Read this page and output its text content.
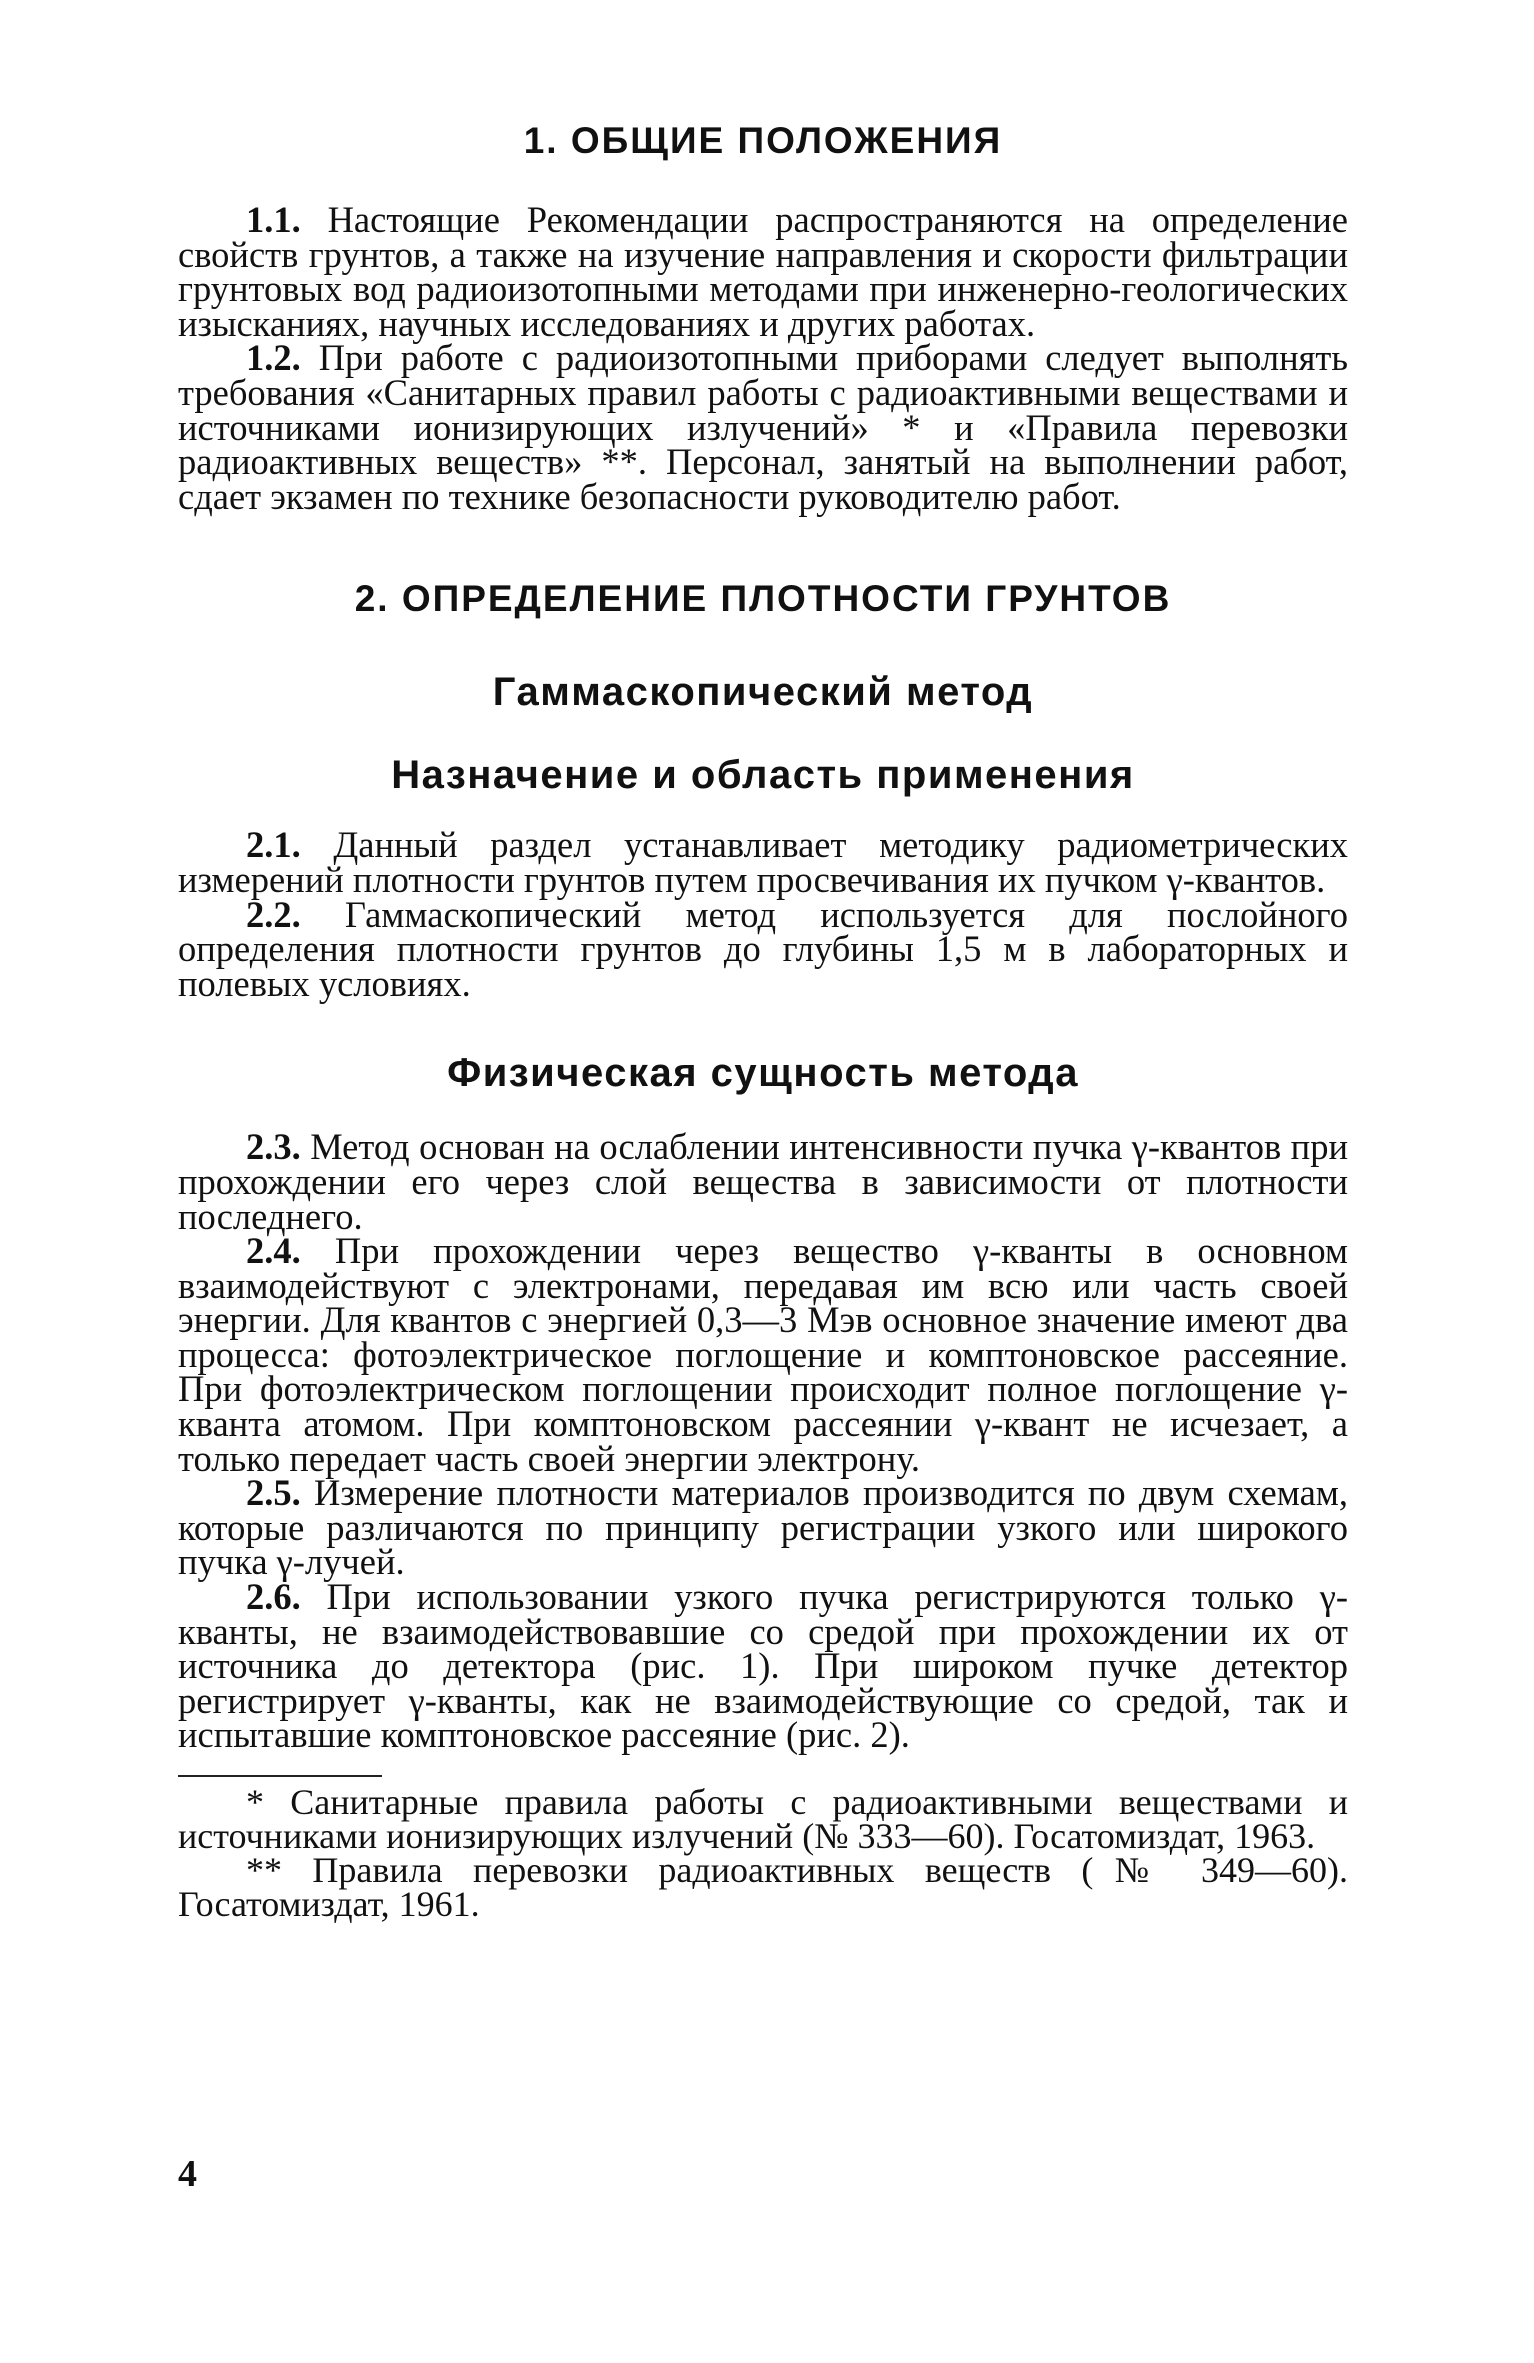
1. ОБЩИЕ ПОЛОЖЕНИЯ

1.1. Настоящие Рекомендации распространяются на определение свойств грунтов, а также на изучение направления и скорости фильтрации грунтовых вод радиоизотопными методами при инженерно-геологических изысканиях, научных исследованиях и других работах.

1.2. При работе с радиоизотопными приборами следует выполнять требования «Санитарных правил работы с радиоактивными веществами и источниками ионизирующих излучений» * и «Правила перевозки радиоактивных веществ» **. Персонал, занятый на выполнении работ, сдает экзамен по технике безопасности руководителю работ.

2. ОПРЕДЕЛЕНИЕ ПЛОТНОСТИ ГРУНТОВ
Гаммаскопический метод
Назначение и область применения

2.1. Данный раздел устанавливает методику радиометрических измерений плотности грунтов путем просвечивания их пучком γ-квантов.

2.2. Гаммаскопический метод используется для послойного определения плотности грунтов до глубины 1,5 м в лабораторных и полевых условиях.

Физическая сущность метода

2.3. Метод основан на ослаблении интенсивности пучка γ-квантов при прохождении его через слой вещества в зависимости от плотности последнего.

2.4. При прохождении через вещество γ-кванты в основном взаимодействуют с электронами, передавая им всю или часть своей энергии. Для квантов с энергией 0,3—3 Мэв основное значение имеют два процесса: фотоэлектрическое поглощение и комптоновское рассеяние. При фотоэлектрическом поглощении происходит полное поглощение γ-кванта атомом. При комптоновском рассеянии γ-квант не исчезает, а только передает часть своей энергии электрону.

2.5. Измерение плотности материалов производится по двум схемам, которые различаются по принципу регистрации узкого или широкого пучка γ-лучей.

2.6. При использовании узкого пучка регистрируются только γ-кванты, не взаимодействовавшие со средой при прохождении их от источника до детектора (рис. 1). При широком пучке детектор регистрирует γ-кванты, как не взаимодействующие со средой, так и испытавшие комптоновское рассеяние (рис. 2).

* Санитарные правила работы с радиоактивными веществами и источниками ионизирующих излучений (№ 333—60). Госатомиздат, 1963.

** Правила перевозки радиоактивных веществ (№ 349—60). Госатомиздат, 1961.

4
